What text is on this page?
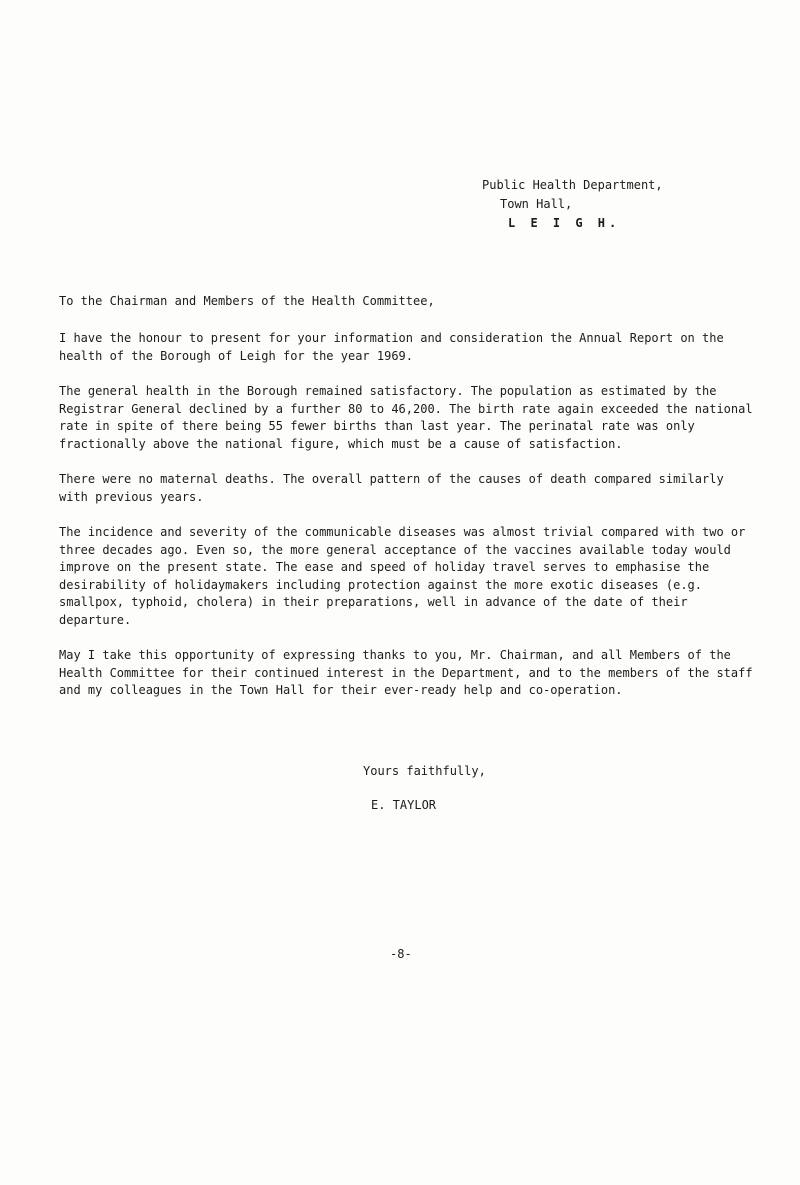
Public Health Department,
Town Hall,
L E I G H.
To the Chairman and Members of the Health Committee,

I have the honour to present for your information and consideration the Annual Report on the health of the Borough of Leigh for the year 1969.

The general health in the Borough remained satisfactory. The population as estimated by the Registrar General declined by a further 80 to 46,200. The birth rate again exceeded the national rate in spite of there being 55 fewer births than last year. The perinatal rate was only fractionally above the national figure, which must be a cause of satisfaction.

There were no maternal deaths. The overall pattern of the causes of death compared similarly with previous years.

The incidence and severity of the communicable diseases was almost trivial compared with two or three decades ago. Even so, the more general acceptance of the vaccines available today would improve on the present state. The ease and speed of holiday travel serves to emphasise the desirability of holidaymakers including protection against the more exotic diseases (e.g. smallpox, typhoid, cholera) in their preparations, well in advance of the date of their departure.

May I take this opportunity of expressing thanks to you, Mr. Chairman, and all Members of the Health Committee for their continued interest in the Department, and to the members of the staff and my colleagues in the Town Hall for their ever-ready help and co-operation.

Yours faithfully,
E. TAYLOR
-8-
